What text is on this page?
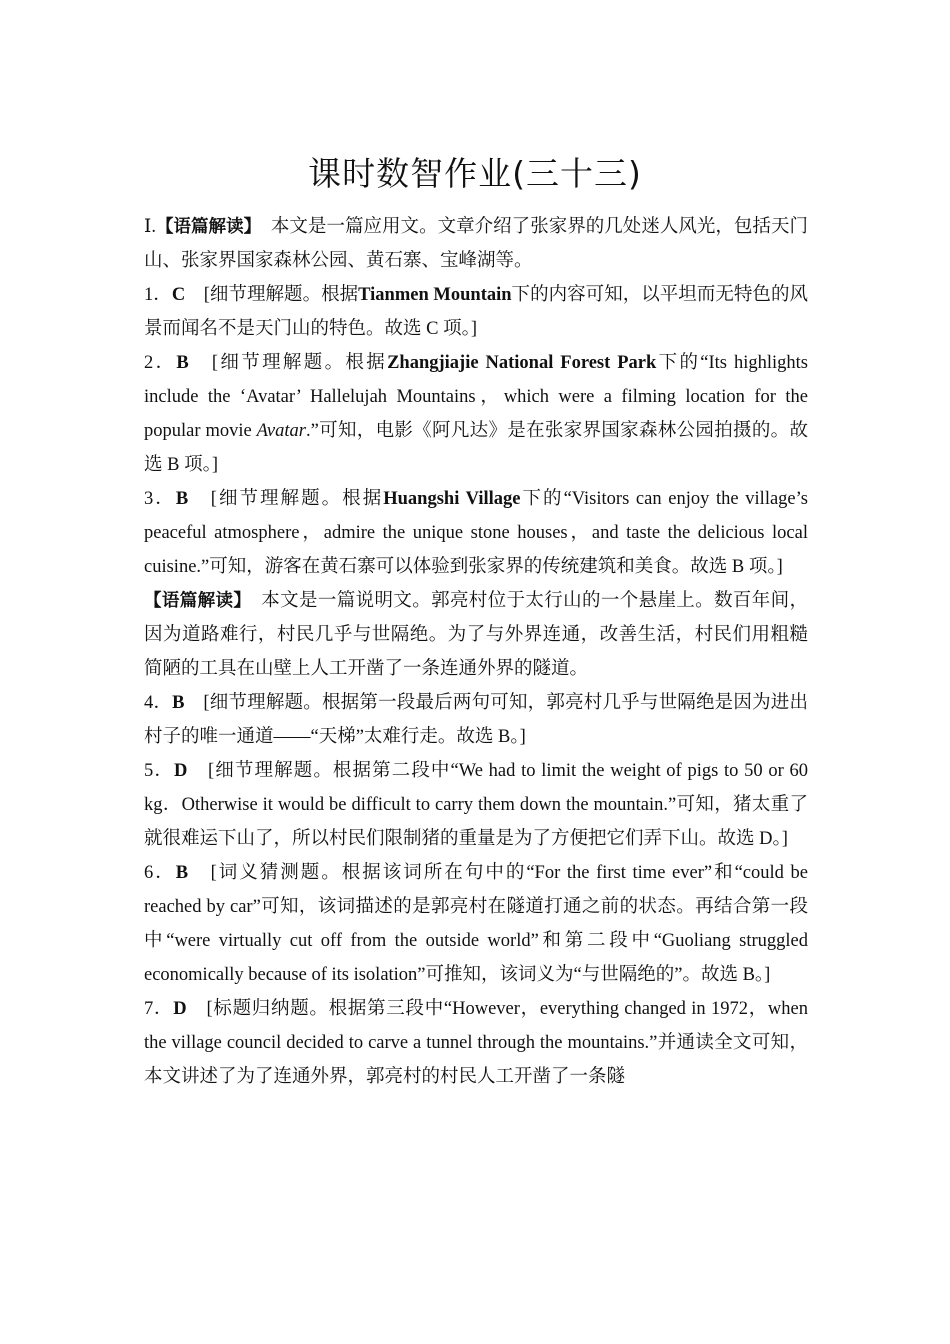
课时数智作业(三十三)

Ⅰ.【语篇解读】　本文是一篇应用文。文章介绍了张家界的几处迷人风光，包括天门山、张家界国家森林公园、黄石寨、宝峰湖等。

1．C　[细节理解题。根据Tianmen Mountain下的内容可知，以平坦而无特色的风景而闻名不是天门山的特色。故选 C 项。]

2．B　[细节理解题。根据Zhangjiajie National Forest Park下的“Its highlights include the ‘Avatar’ Hallelujah Mountains，which were a filming location for the popular movie Avatar.”可知，电影《阿凡达》是在张家界国家森林公园拍摄的。故选 B 项。]

3．B　[细节理解题。根据Huangshi Village下的“Visitors can enjoy the village’s peaceful atmosphere，admire the unique stone houses，and taste the delicious local cuisine.”可知，游客在黄石寨可以体验到张家界的传统建筑和美食。故选 B 项。]

【语篇解读】　本文是一篇说明文。郭亮村位于太行山的一个悬崖上。数百年间，因为道路难行，村民几乎与世隔绝。为了与外界连通，改善生活，村民们用粗糙简陋的工具在山壁上人工开凿了一条连通外界的隧道。

4．B　[细节理解题。根据第一段最后两句可知，郭亮村几乎与世隔绝是因为进出村子的唯一通道——“天梯”太难行走。故选 B。]

5．D　[细节理解题。根据第二段中“We had to limit the weight of pigs to 50 or 60 kg．Otherwise it would be difficult to carry them down the mountain.”可知，猪太重了就很难运下山了，所以村民们限制猪的重量是为了方便把它们弄下山。故选 D。]

6．B　[词义猜测题。根据该词所在句中的“For the first time ever”和“could be reached by car”可知，该词描述的是郭亮村在隧道打通之前的状态。再结合第一段中“were virtually cut off from the outside world”和第二段中“Guoliang struggled economically because of its isolation”可推知，该词义为“与世隔绝的”。故选 B。]

7．D　[标题归纳题。根据第三段中“However，everything changed in 1972，when the village council decided to carve a tunnel through the mountains.”并通读全文可知，本文讲述了为了连通外界，郭亮村的村民人工开凿了一条隧
